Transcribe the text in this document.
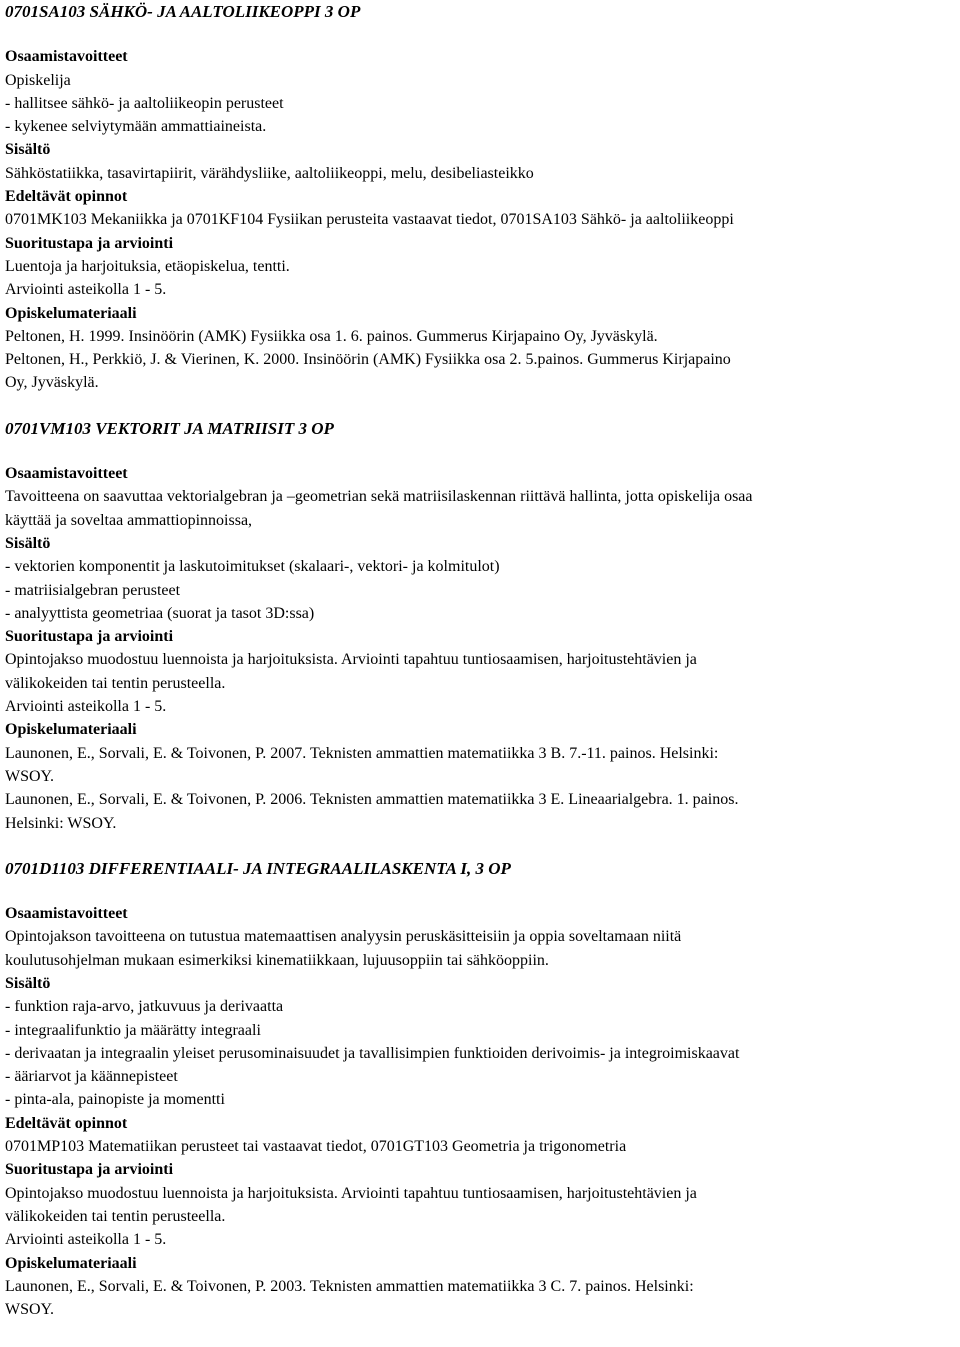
0701SA103 SÄHKÖ- JA AALTOLIIKEOPPI 3 OP
Osaamistavoitteet
Opiskelija
- hallitsee sähkö- ja aaltoliikeopin perusteet
- kykenee selviytymään ammattiaineista.
Sisältö
Sähköstatiikka, tasavirtapiirit, värähdysliike, aaltoliikeoppi, melu, desibeliasteikko
Edeltävät opinnot
0701MK103 Mekaniikka ja 0701KF104 Fysiikan perusteita vastaavat tiedot, 0701SA103 Sähkö- ja aaltoliikeoppi
Suoritustapa ja arviointi
Luentoja ja harjoituksia, etäopiskelua, tentti.
Arviointi asteikolla 1 - 5.
Opiskelumateriaali
Peltonen, H. 1999. Insinöörin (AMK) Fysiikka osa 1. 6. painos. Gummerus Kirjapaino Oy, Jyväskylä.
Peltonen, H., Perkkiö, J. & Vierinen, K. 2000. Insinöörin (AMK) Fysiikka osa 2. 5.painos. Gummerus Kirjapaino
Oy, Jyväskylä.
0701VM103 VEKTORIT JA MATRIISIT 3 OP
Osaamistavoitteet
Tavoitteena on saavuttaa vektorialgebran ja –geometrian sekä matriisilaskennan riittävä hallinta, jotta opiskelija osaa
käyttää ja soveltaa ammattiopinnoissa,
Sisältö
- vektorien komponentit ja laskutoimitukset (skalaari-, vektori- ja kolmitulot)
- matriisialgebran perusteet
- analyyttista geometriaa (suorat ja tasot 3D:ssa)
Suoritustapa ja arviointi
Opintojakso muodostuu luennoista ja harjoituksista. Arviointi tapahtuu tuntiosaamisen, harjoitustehtävien ja
välikokeiden tai tentin perusteella.
Arviointi asteikolla 1 - 5.
Opiskelumateriaali
Launonen, E., Sorvali, E. & Toivonen, P. 2007. Teknisten ammattien matematiikka 3 B. 7.-11. painos. Helsinki:
WSOY.
Launonen, E., Sorvali, E. & Toivonen, P. 2006. Teknisten ammattien matematiikka 3 E. Lineaarialgebra. 1. painos.
Helsinki: WSOY.
0701D1103 DIFFERENTIAALI- JA INTEGRAALILASKENTA I, 3 OP
Osaamistavoitteet
Opintojakson tavoitteena on tutustua matemaattisen analyysin peruskäsitteisiin ja oppia soveltamaan niitä
koulutusohjelman mukaan esimerkiksi kinematiikkaan, lujuusoppiin tai sähköoppiin.
Sisältö
- funktion raja-arvo, jatkuvuus ja derivaatta
- integraalifunktio ja määrätty integraali
- derivaatan ja integraalin yleiset perusominaisuudet ja tavallisimpien funktioiden derivoimis- ja integroimiskaavat
- ääriarvot ja käännepisteet
- pinta-ala, painopiste ja momentti
Edeltävät opinnot
0701MP103 Matematiikan perusteet tai vastaavat tiedot, 0701GT103 Geometria ja trigonometria
Suoritustapa ja arviointi
Opintojakso muodostuu luennoista ja harjoituksista. Arviointi tapahtuu tuntiosaamisen, harjoitustehtävien ja
välikokeiden tai tentin perusteella.
Arviointi asteikolla 1 - 5.
Opiskelumateriaali
Launonen, E., Sorvali, E. & Toivonen, P. 2003. Teknisten ammattien matematiikka 3 C. 7. painos. Helsinki:
WSOY.
